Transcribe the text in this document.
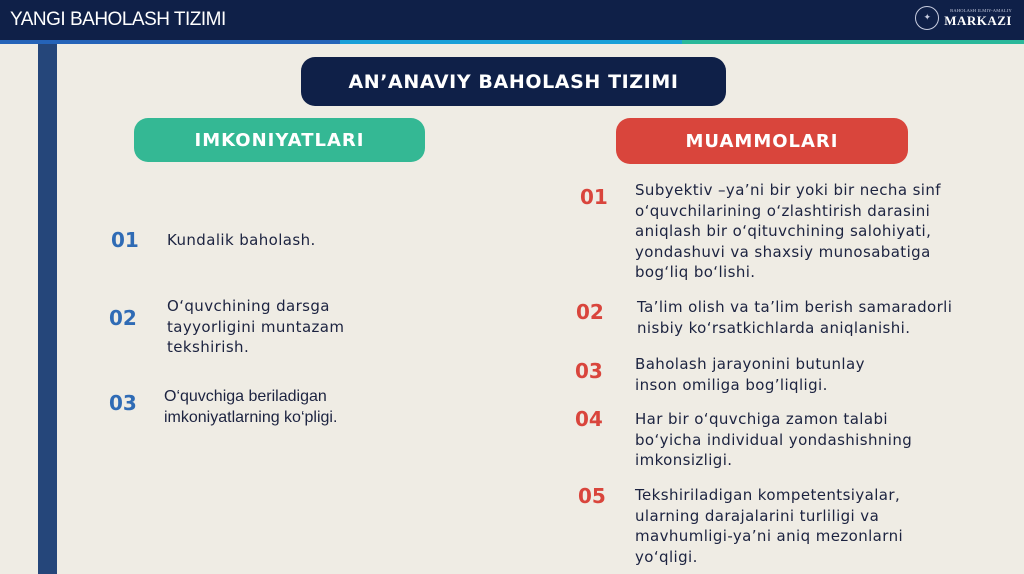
YANGI BAHOLASH TIZIMI	✦
BAHOLASH ILMIY-AMALIY
MARKAZI
AN’ANAVIY BAHOLASH TIZIMI
IMKONIYATLARI	MUAMMOLARI
01 Kundalik baholash.
02 O‘quvchining darsga
tayyorligini muntazam
tekshirish.
03 O‘quvchiga beriladigan
imkoniyatlarning ko‘pligi.
01 Subyektiv –ya’ni bir yoki bir necha sinf
o‘quvchilarining o‘zlashtirish darasini
aniqlash bir o‘qituvchining salohiyati,
yondashuvi va shaxsiy munosabatiga
bog‘liq bo‘lishi.
02 Ta’lim olish va ta’lim berish samaradorli
nisbiy ko‘rsatkichlarda aniqlanishi.
03 Baholash jarayonini butunlay
inson omiliga bog’liqligi.
04 Har bir o‘quvchiga zamon talabi
bo‘yicha individual yondashishning
imkonsizligi.
05 Tekshiriladigan kompetentsiyalar,
ularning darajalarini turliligi va
mavhumligi-ya’ni aniq mezonlarni
yo‘qligi.
